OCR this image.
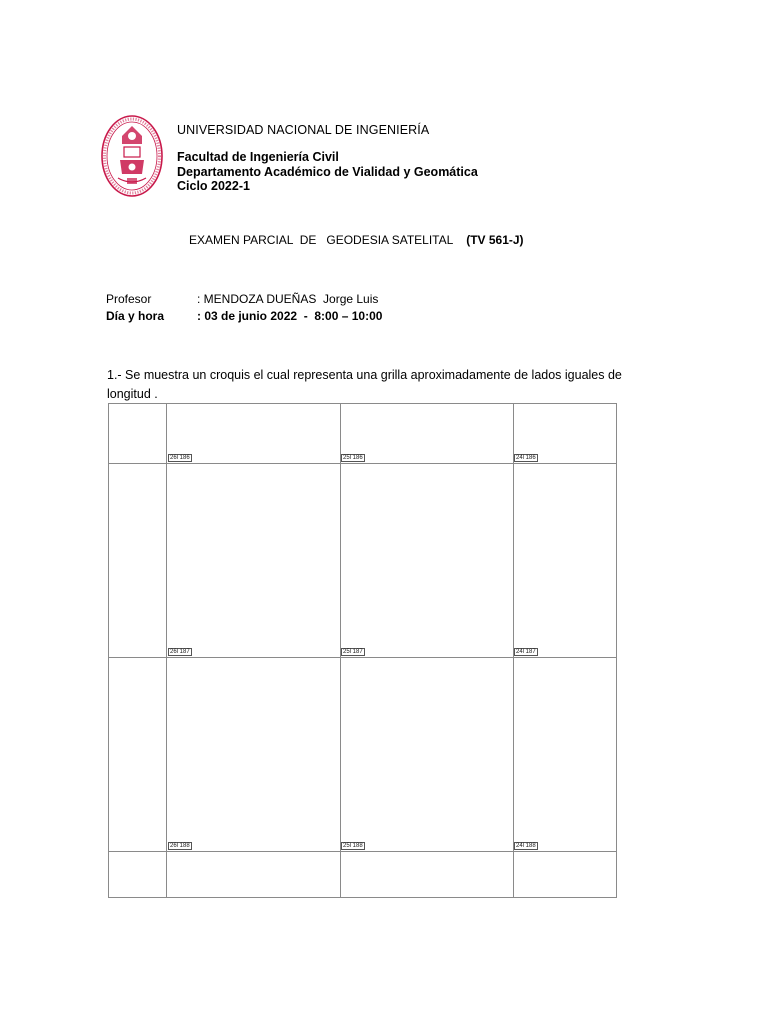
UNIVERSIDAD NACIONAL DE INGENIERÍA
Facultad de Ingeniería Civil
Departamento Académico de Vialidad y Geomática
Ciclo 2022-1
EXAMEN PARCIAL  DE   GEODESIA SATELITAL (TV 561-J)
Profesor	: MENDOZA DUEÑAS  Jorge Luis
Día y hora	: 03 de junio 2022  -  8:00 – 10:00
1.- Se muestra un croquis el cual representa una grilla aproximadamente de lados iguales de longitud .
26l 186	25l 186	24l 186
26l 187	25l 187	24l 187
26l 188	25l 188	24l 188
